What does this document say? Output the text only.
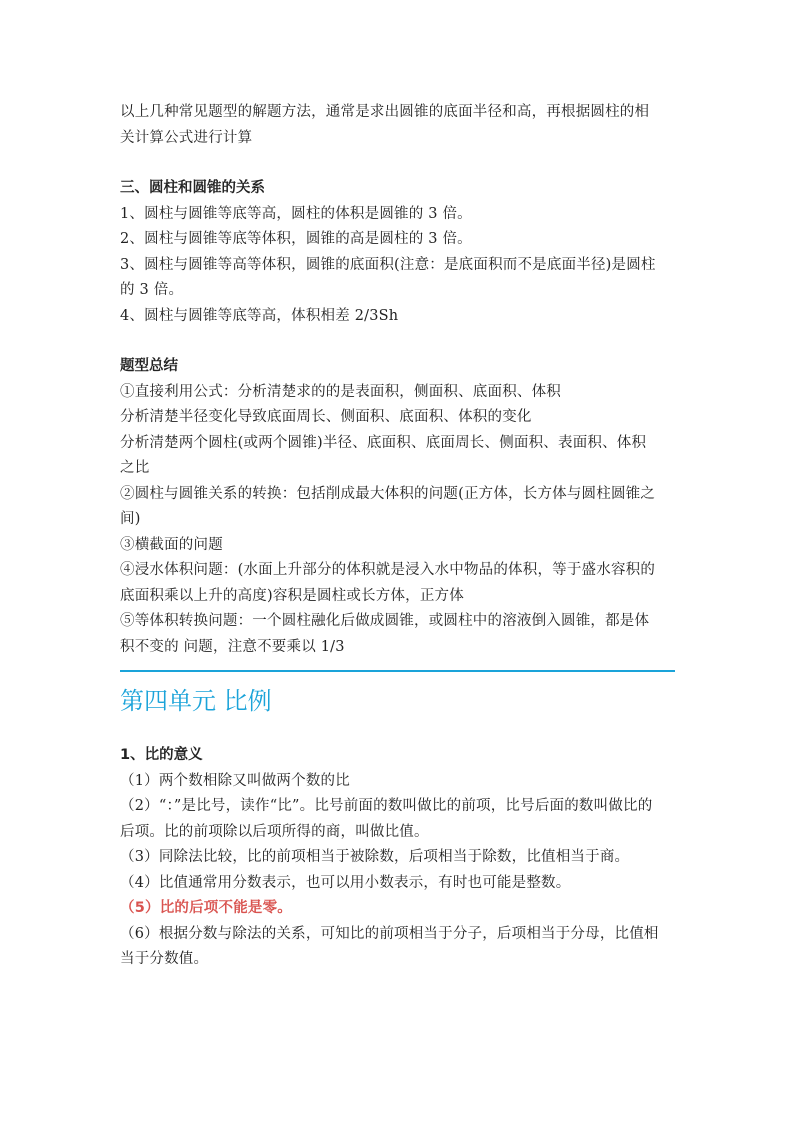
以上几种常见题型的解题方法，通常是求出圆锥的底面半径和高，再根据圆柱的相

关计算公式进行计算

三、圆柱和圆锥的关系

1、圆柱与圆锥等底等高，圆柱的体积是圆锥的 3 倍。

2、圆柱与圆锥等底等体积，圆锥的高是圆柱的 3 倍。

3、圆柱与圆锥等高等体积，圆锥的底面积(注意：是底面积而不是底面半径)是圆柱

的 3 倍。

4、圆柱与圆锥等底等高，体积相差 2/3Sh

题型总结

①直接利用公式：分析清楚求的的是表面积，侧面积、底面积、体积

分析清楚半径变化导致底面周长、侧面积、底面积、体积的变化

分析清楚两个圆柱(或两个圆锥)半径、底面积、底面周长、侧面积、表面积、体积

之比

②圆柱与圆锥关系的转换：包括削成最大体积的问题(正方体，长方体与圆柱圆锥之

间)

③横截面的问题

④浸水体积问题：(水面上升部分的体积就是浸入水中物品的体积，等于盛水容积的

底面积乘以上升的高度)容积是圆柱或长方体，正方体

⑤等体积转换问题：一个圆柱融化后做成圆锥，或圆柱中的溶液倒入圆锥，都是体

积不变的 问题，注意不要乘以 1/3

第四单元 比例

1、比的意义

（1）两个数相除又叫做两个数的比

（2）“：”是比号，读作“比”。比号前面的数叫做比的前项，比号后面的数叫做比的

后项。比的前项除以后项所得的商，叫做比值。

（3）同除法比较，比的前项相当于被除数，后项相当于除数，比值相当于商。

（4）比值通常用分数表示，也可以用小数表示，有时也可能是整数。

（5）比的后项不能是零。

（6）根据分数与除法的关系，可知比的前项相当于分子，后项相当于分母，比值相

当于分数值。
